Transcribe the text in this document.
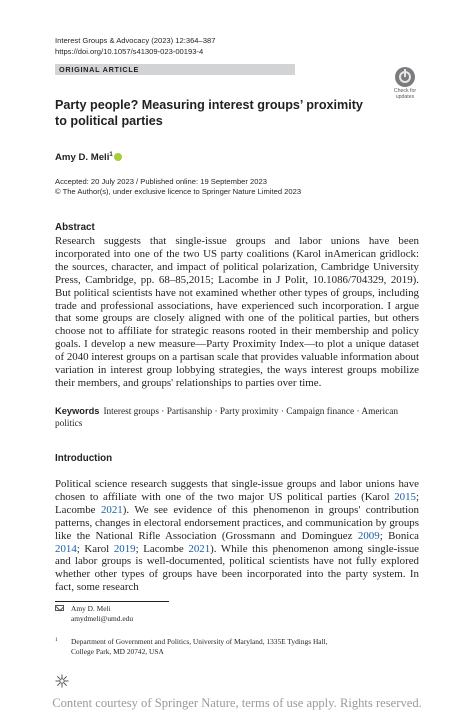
Interest Groups & Advocacy (2023) 12:364–387
https://doi.org/10.1057/s41309-023-00193-4
ORIGINAL ARTICLE
Check for
updates
Party people? Measuring interest groups’ proximity
to political parties
Amy D. Meli$^1$
Accepted: 20 July 2023 / Published online: 19 September 2023
© The Author(s), under exclusive licence to Springer Nature Limited 2023
Abstract
Research suggests that single-issue groups and labor unions have been incorporated into one of the two US party coalitions (Karol inAmerican gridlock: the sources, character, and impact of political polarization, Cambridge University Press, Cambridge, pp. 68–85,2015; Lacombe in J Polit, 10.1086/704329, 2019). But political scientists have not examined whether other types of groups, including trade and professional associations, have experienced such incorporation. I argue that some groups are closely aligned with one of the political parties, but others choose not to affiliate for strategic reasons rooted in their membership and policy goals. I develop a new measure—Party Proximity Index—to plot a unique dataset of 2040 interest groups on a partisan scale that provides valuable information about variation in interest group lobbying strategies, the ways interest groups mobilize their members, and groups' relationships to parties over time.
Keywords Interest groups · Partisanship · Party proximity · Campaign finance · American politics
Introduction
Political science research suggests that single-issue groups and labor unions have chosen to affiliate with one of the two major US political parties (Karol 2015; Lacombe 2021). We see evidence of this phenomenon in groups' contribution patterns, changes in electoral endorsement practices, and communication by groups like the National Rifle Association (Grossmann and Dominguez 2009; Bonica 2014; Karol 2019; Lacombe 2021). While this phenomenon among single-issue and labor groups is well-documented, political scientists have not fully explored whether other types of groups have been incorporated into the party system. In fact, some research
Amy D. Meli
amydmeli@umd.edu
1 Department of Government and Politics, University of Maryland, 1335E Tydings Hall,
College Park, MD 20742, USA
Content courtesy of Springer Nature, terms of use apply. Rights reserved.
